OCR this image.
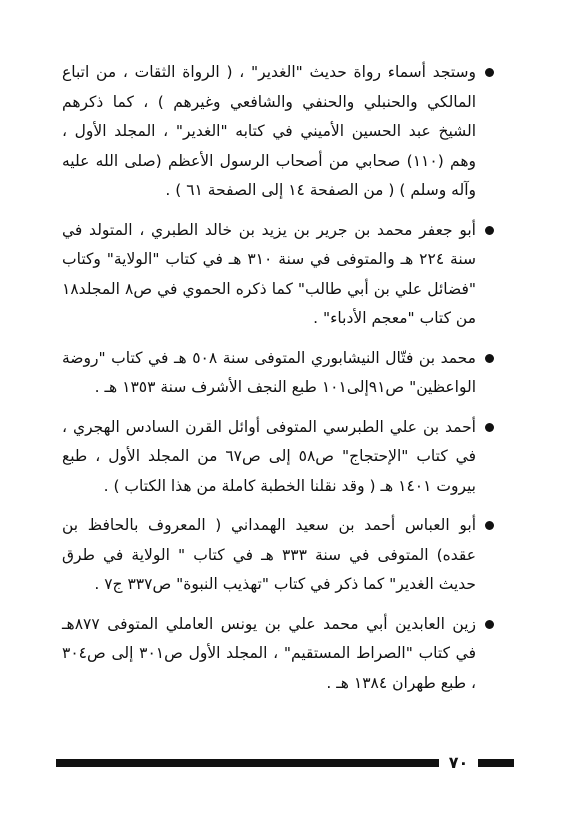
وستجد أسماء رواة حديث "الغدير" ، ( الرواة الثقات ، من اتباع المالكي والحنبلي والحنفي والشافعي وغيرهم ) ، كما ذكرهم الشيخ عبد الحسين الأميني في كتابه "الغدير" ، المجلد الأول ، وهم (١١٠) صحابي من أصحاب الرسول الأعظم (صلى الله عليه وآله وسلم ) ( من الصفحة ١٤ إلى الصفحة ٦١ ) .
أبو جعفر محمد بن جرير بن يزيد بن خالد الطبري ، المتولد في سنة ٢٢٤ هـ والمتوفى في سنة ٣١٠ هـ في كتاب "الولاية" وكتاب "فضائل علي بن أبي طالب" كما ذكره الحموي في ص٨ المجلد١٨ من كتاب "معجم الأدباء" .
محمد بن فتّال النيشابوري المتوفى سنة ٥٠٨ هـ في كتاب "روضة الواعظين" ص٩١إلى١٠١ طبع النجف الأشرف سنة ١٣٥٣ هـ .
أحمد بن علي الطبرسي المتوفى أوائل القرن السادس الهجري ، في كتاب "الإحتجاج" ص٥٨ إلى ص٦٧ من المجلد الأول ، طبع بيروت ١٤٠١ هـ ( وقد نقلنا الخطبة كاملة من هذا الكتاب ) .
أبو العباس أحمد بن سعيد الهمداني ( المعروف بالحافظ بن عقده) المتوفى في سنة ٣٣٣ هـ في كتاب " الولاية في طرق حديث الغدير" كما ذكر في كتاب "تهذيب النبوة" ص٣٣٧ ج٧ .
زين العابدين أبي محمد علي بن يونس العاملي المتوفى ٨٧٧هـ في كتاب "الصراط المستقيم" ، المجلد الأول ص٣٠١ إلى ص٣٠٤ ، طبع طهران ١٣٨٤ هـ .
٧٠
